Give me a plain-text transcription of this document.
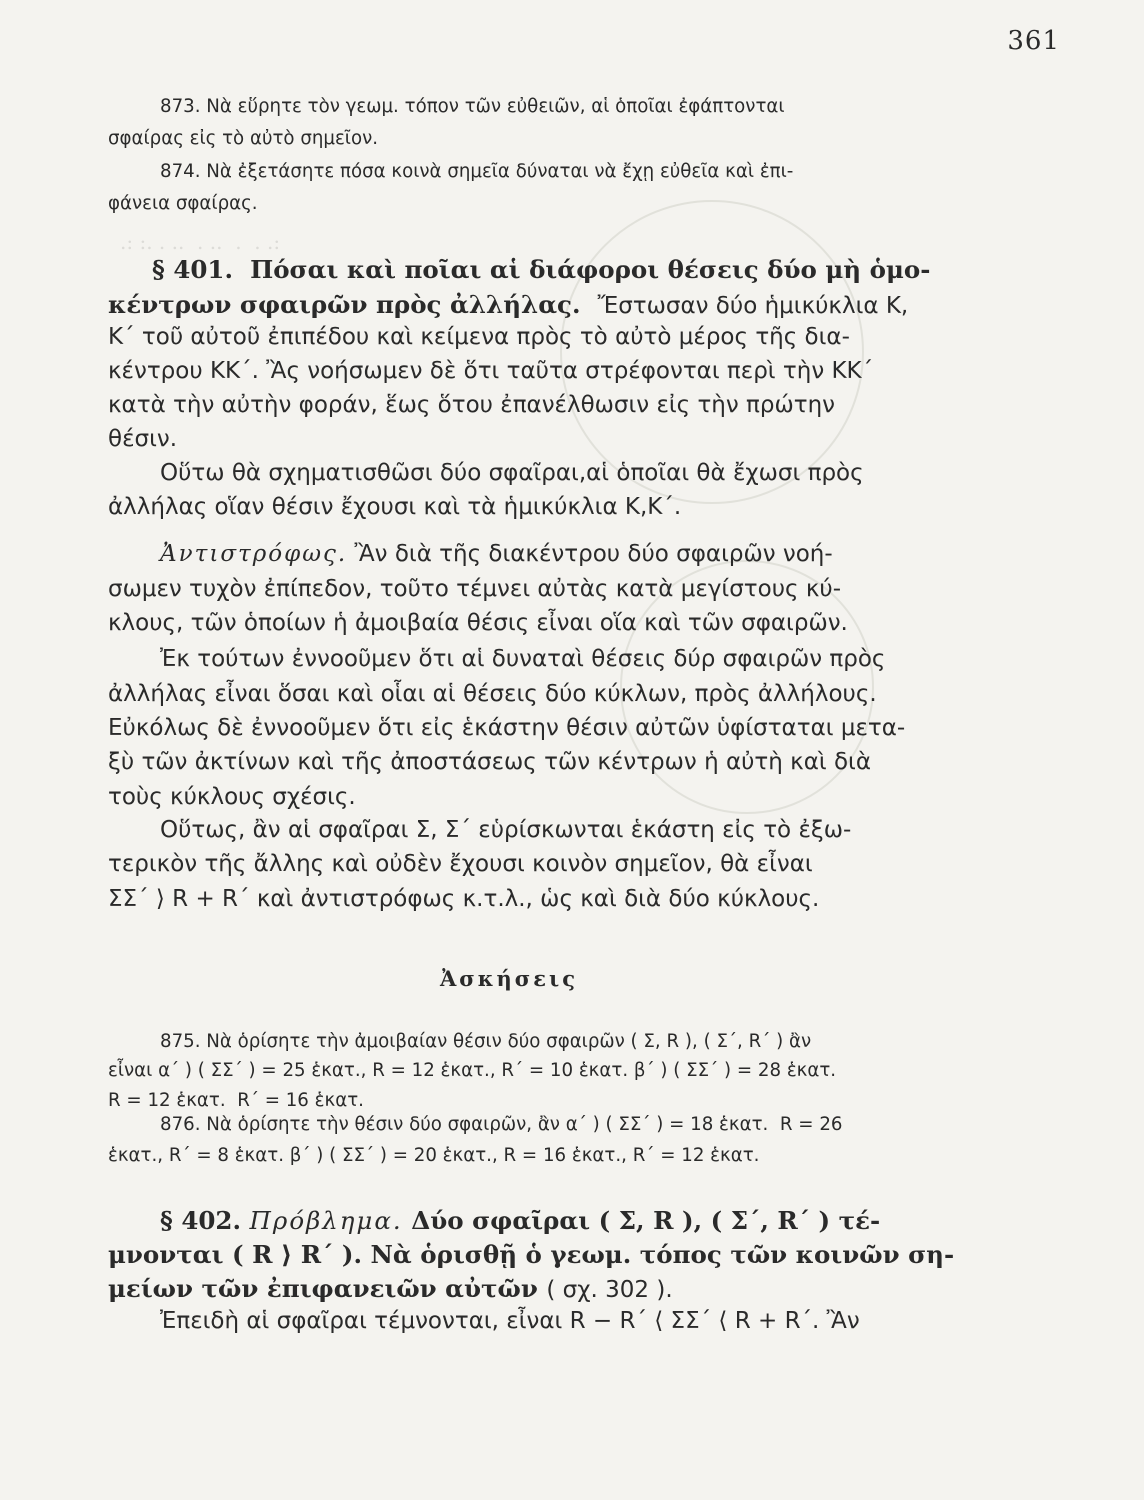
.: :. . ..  . ..  .  . .:
361
873. Νὰ εὕρητε τὸν γεωμ. τόπον τῶν εὐθειῶν, αἱ ὁποῖαι ἐφάπτονται
σφαίρας εἰς τὸ αὐτὸ σημεῖον.
874. Νὰ ἐξετάσητε πόσα κοινὰ σημεῖα δύναται νὰ ἔχῃ εὐθεῖα καὶ ἐπι-
φάνεια σφαίρας.
§ 401. Πόσαι καὶ ποῖαι αἱ διάφοροι θέσεις δύο μὴ ὁμο-
κέντρων σφαιρῶν πρὸς ἀλλήλας. Ἔστωσαν δύο ἡμικύκλια Κ,
Κ΄ τοῦ αὐτοῦ ἐπιπέδου καὶ κείμενα πρὸς τὸ αὐτὸ μέρος τῆς δια-
κέντρου ΚΚ΄. Ἂς νοήσωμεν δὲ ὅτι ταῦτα στρέφονται περὶ τὴν ΚΚ΄
κατὰ τὴν αὐτὴν φοράν, ἕως ὅτου ἐπανέλθωσιν εἰς τὴν πρώτην
θέσιν.
Οὕτω θὰ σχηματισθῶσι δύο σφαῖραι,αἱ ὁποῖαι θὰ ἔχωσι πρὸς
ἀλλήλας οἵαν θέσιν ἔχουσι καὶ τὰ ἡμικύκλια Κ,Κ΄.
Ἀντιστρόφως. Ἂν διὰ τῆς διακέντρου δύο σφαιρῶν νοή-
σωμεν τυχὸν ἐπίπεδον, τοῦτο τέμνει αὐτὰς κατὰ μεγίστους κύ-
κλους, τῶν ὁποίων ἡ ἀμοιβαία θέσις εἶναι οἵα καὶ τῶν σφαιρῶν.
Ἐκ τούτων ἐννοοῦμεν ὅτι αἱ δυναταὶ θέσεις δύρ σφαιρῶν πρὸς
ἀλλήλας εἶναι ὅσαι καὶ οἷαι αἱ θέσεις δύο κύκλων, πρὸς ἀλλήλους.
Εὐκόλως δὲ ἐννοοῦμεν ὅτι εἰς ἑκάστην θέσιν αὐτῶν ὑφίσταται μετα-
ξὺ τῶν ἀκτίνων καὶ τῆς ἀποστάσεως τῶν κέντρων ἡ αὐτὴ καὶ διὰ
τοὺς κύκλους σχέσις.
Οὕτως, ἂν αἱ σφαῖραι Σ, Σ΄ εὑρίσκωνται ἑκάστη εἰς τὸ ἐξω-
τερικὸν τῆς ἄλλης καὶ οὐδὲν ἔχουσι κοινὸν σημεῖον, θὰ εἶναι
ΣΣ΄ ⟩ R + R΄ καὶ ἀντιστρόφως κ.τ.λ., ὡς καὶ διὰ δύο κύκλους.
Ἀσκήσεις
875. Νὰ ὁρίσητε τὴν ἀμοιβαίαν θέσιν δύο σφαιρῶν ( Σ, R ), ( Σ΄, R΄ ) ἂν
εἶναι α΄ ) ( ΣΣ΄ ) = 25 ἑκατ., R = 12 ἑκατ., R΄ = 10 ἑκατ. β΄ ) ( ΣΣ΄ ) = 28 ἑκατ.
R = 12 ἑκατ.  R΄ = 16 ἑκατ.
876. Νὰ ὁρίσητε τὴν θέσιν δύο σφαιρῶν, ἂν α΄ ) ( ΣΣ΄ ) = 18 ἑκατ.  R = 26
ἑκατ., R΄ = 8 ἑκατ. β΄ ) ( ΣΣ΄ ) = 20 ἑκατ., R = 16 ἑκατ., R΄ = 12 ἑκατ.
§ 402. Πρόβλημα. Δύο σφαῖραι ( Σ, R ), ( Σ΄, R΄ ) τέ-
μνονται ( R ⟩ R΄ ). Νὰ ὁρισθῇ ὁ γεωμ. τόπος τῶν κοινῶν ση-
μείων τῶν ἐπιφανειῶν αὐτῶν ( σχ. 302 ).
Ἐπειδὴ αἱ σφαῖραι τέμνονται, εἶναι R − R΄ ⟨ ΣΣ΄ ⟨ R + R΄. Ἂν
